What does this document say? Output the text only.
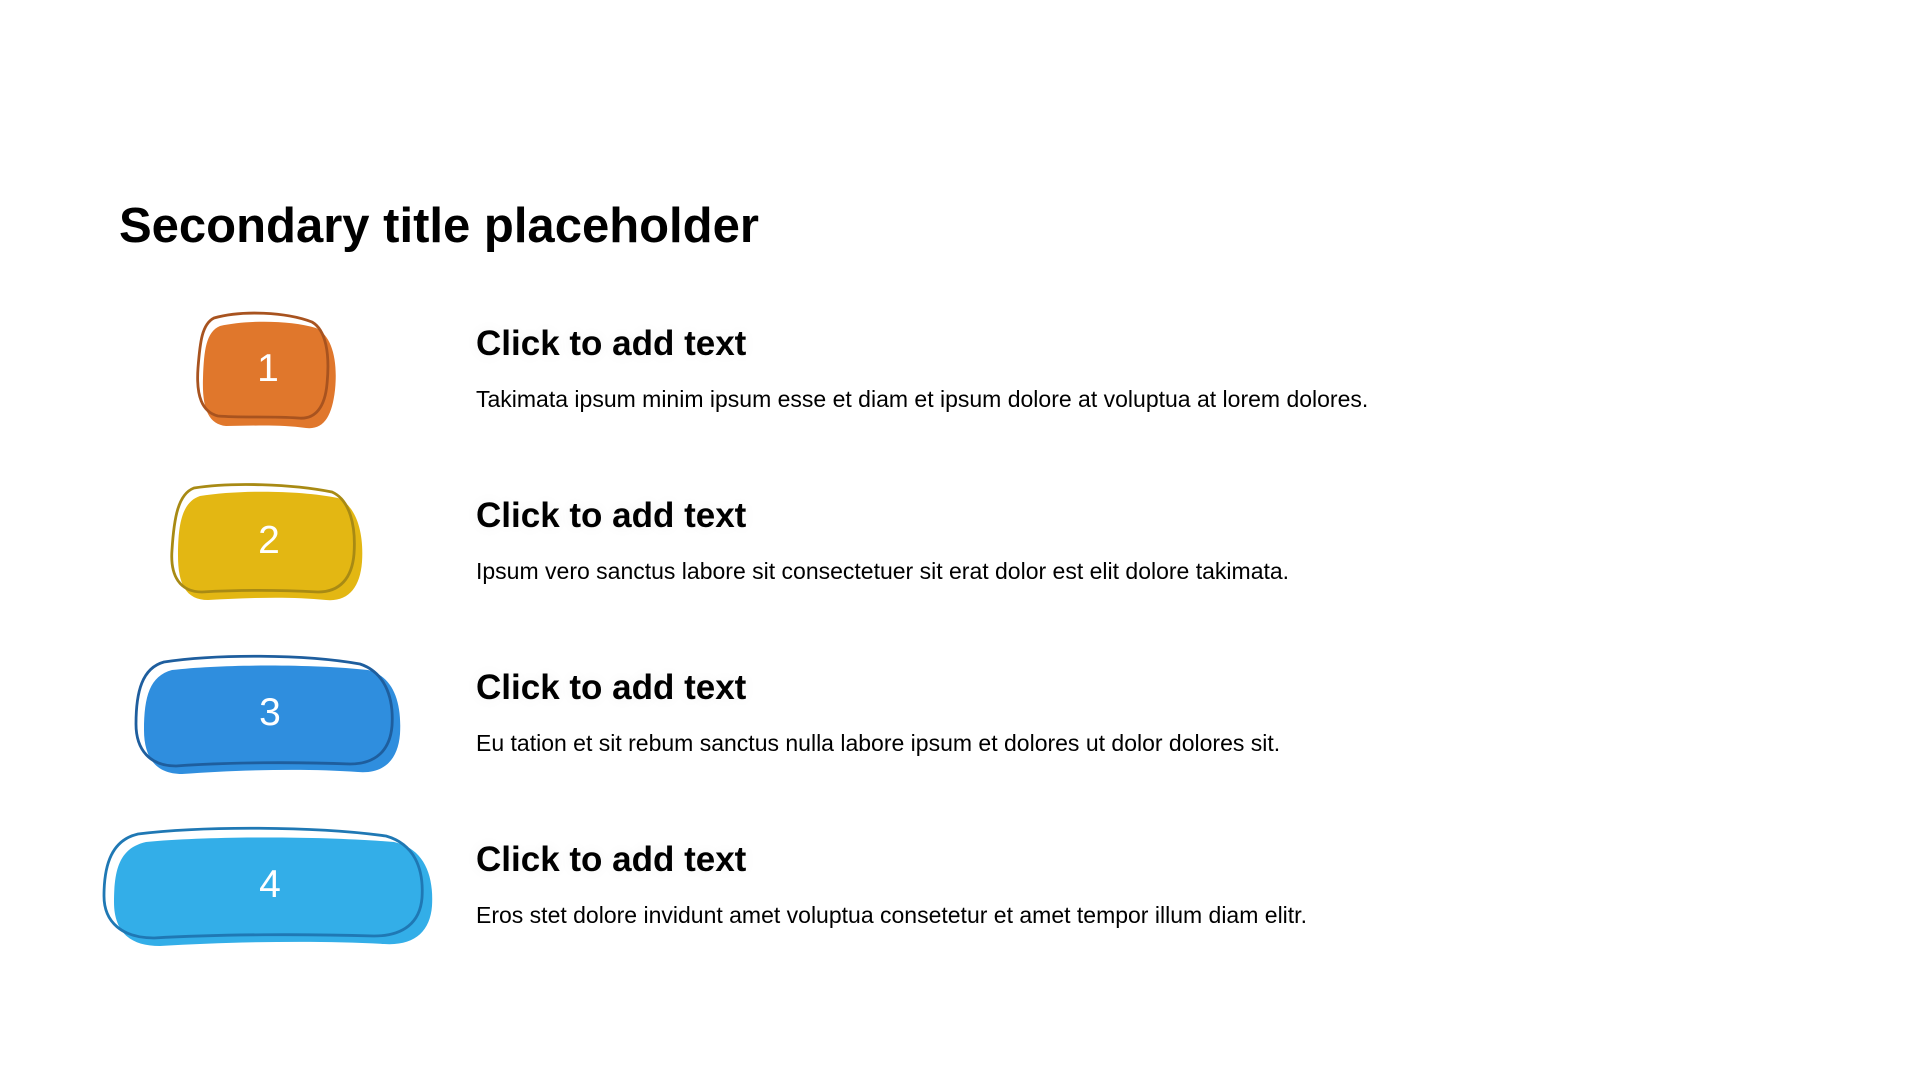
Secondary title placeholder
1
Click to add text
Takimata ipsum minim ipsum esse et diam et ipsum dolore at voluptua at lorem dolores.
2
Click to add text
Ipsum vero sanctus labore sit consectetuer sit erat dolor est elit dolore takimata.
3
Click to add text
Eu tation et sit rebum sanctus nulla labore ipsum et dolores ut dolor dolores sit.
4
Click to add text
Eros stet dolore invidunt amet voluptua consetetur et amet tempor illum diam elitr.
